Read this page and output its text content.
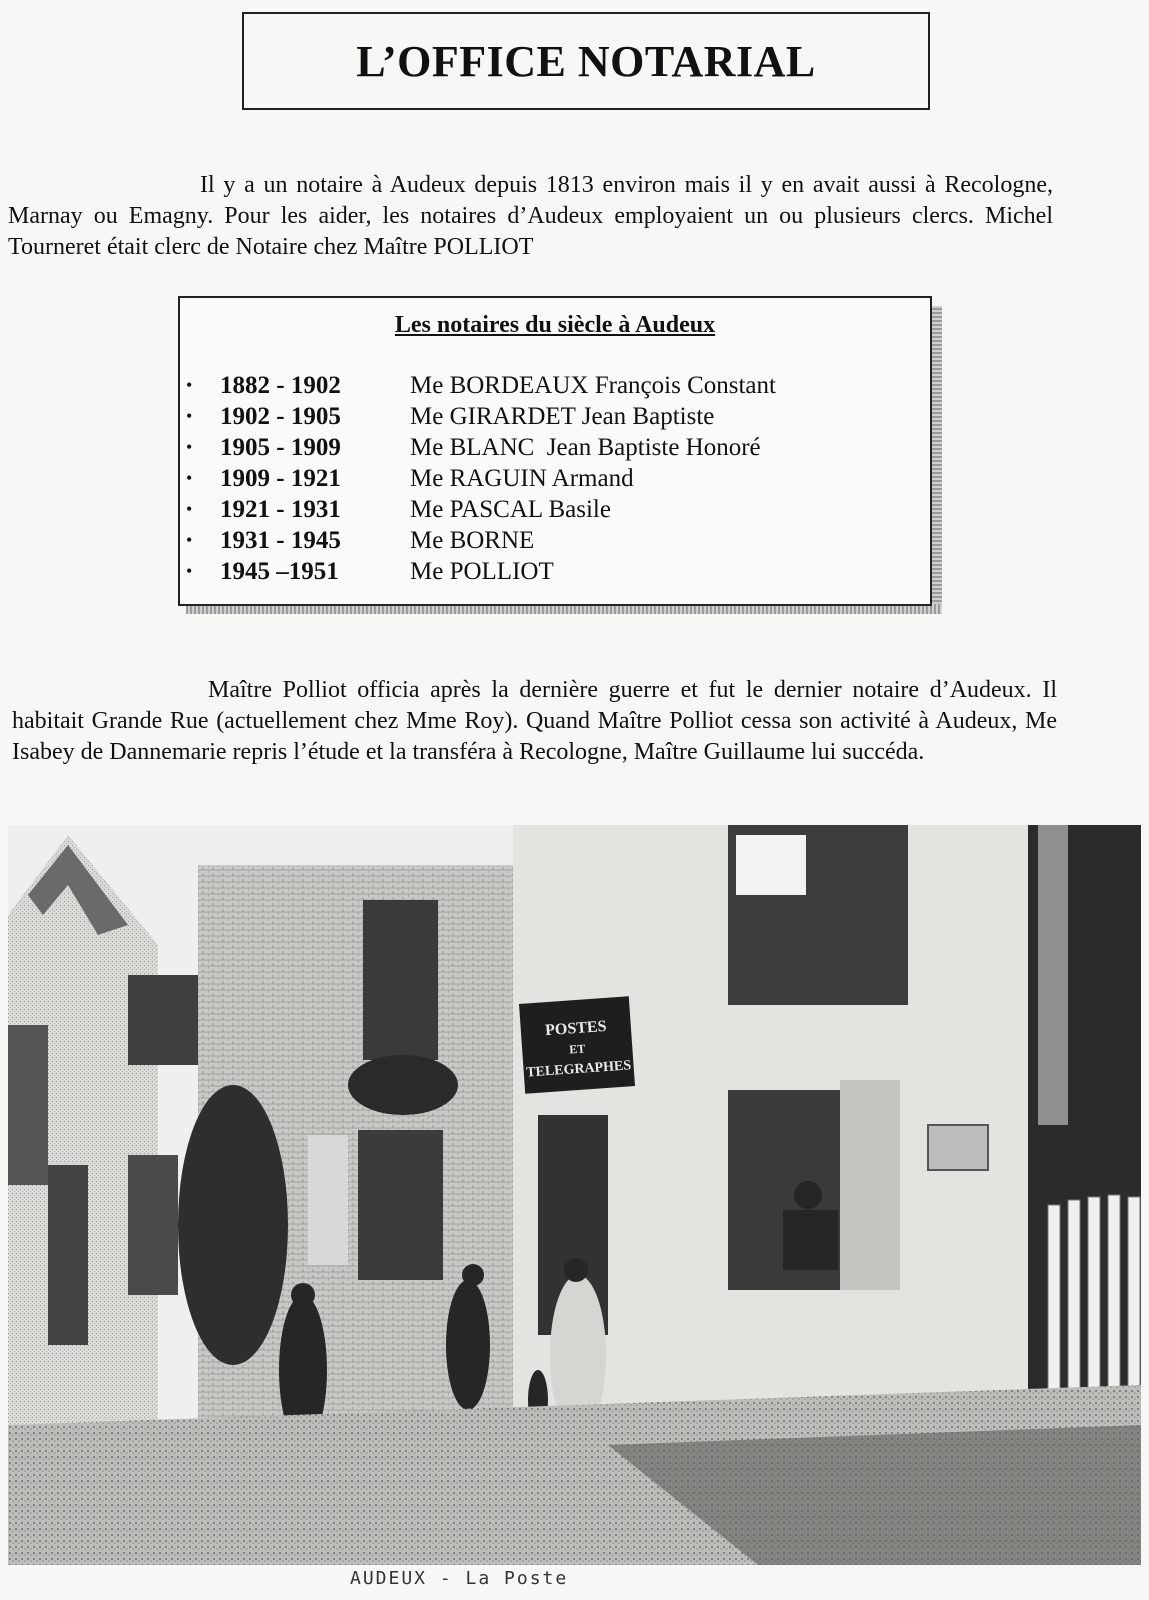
L’OFFICE NOTARIAL

Il y a un notaire à Audeux depuis 1813 environ mais il y en avait aussi à Recologne, Marnay ou Emagny. Pour les aider, les notaires d’Audeux employaient un ou plusieurs clercs. Michel Tourneret était clerc de Notaire chez Maître POLLIOT

Les notaires du siècle à Audeux
•	1882 - 1902	Me BORDEAUX François Constant
•	1902 - 1905	Me GIRARDET Jean Baptiste
•	1905 - 1909	Me BLANC  Jean Baptiste Honoré
•	1909 - 1921	Me RAGUIN Armand
•	1921 - 1931	Me PASCAL Basile
•	1931 - 1945	Me BORNE
•	1945 –1951	Me POLLIOT

Maître Polliot officia après la dernière guerre et fut le dernier notaire d’Audeux. Il habitait Grande Rue (actuellement chez Mme Roy). Quand Maître Polliot cessa son activité à Audeux, Me Isabey de Dannemarie repris l’étude et la transféra à Recologne, Maître Guillaume lui succéda.

POSTES
ET
TELEGRAPHES
AUDEUX - La Poste
